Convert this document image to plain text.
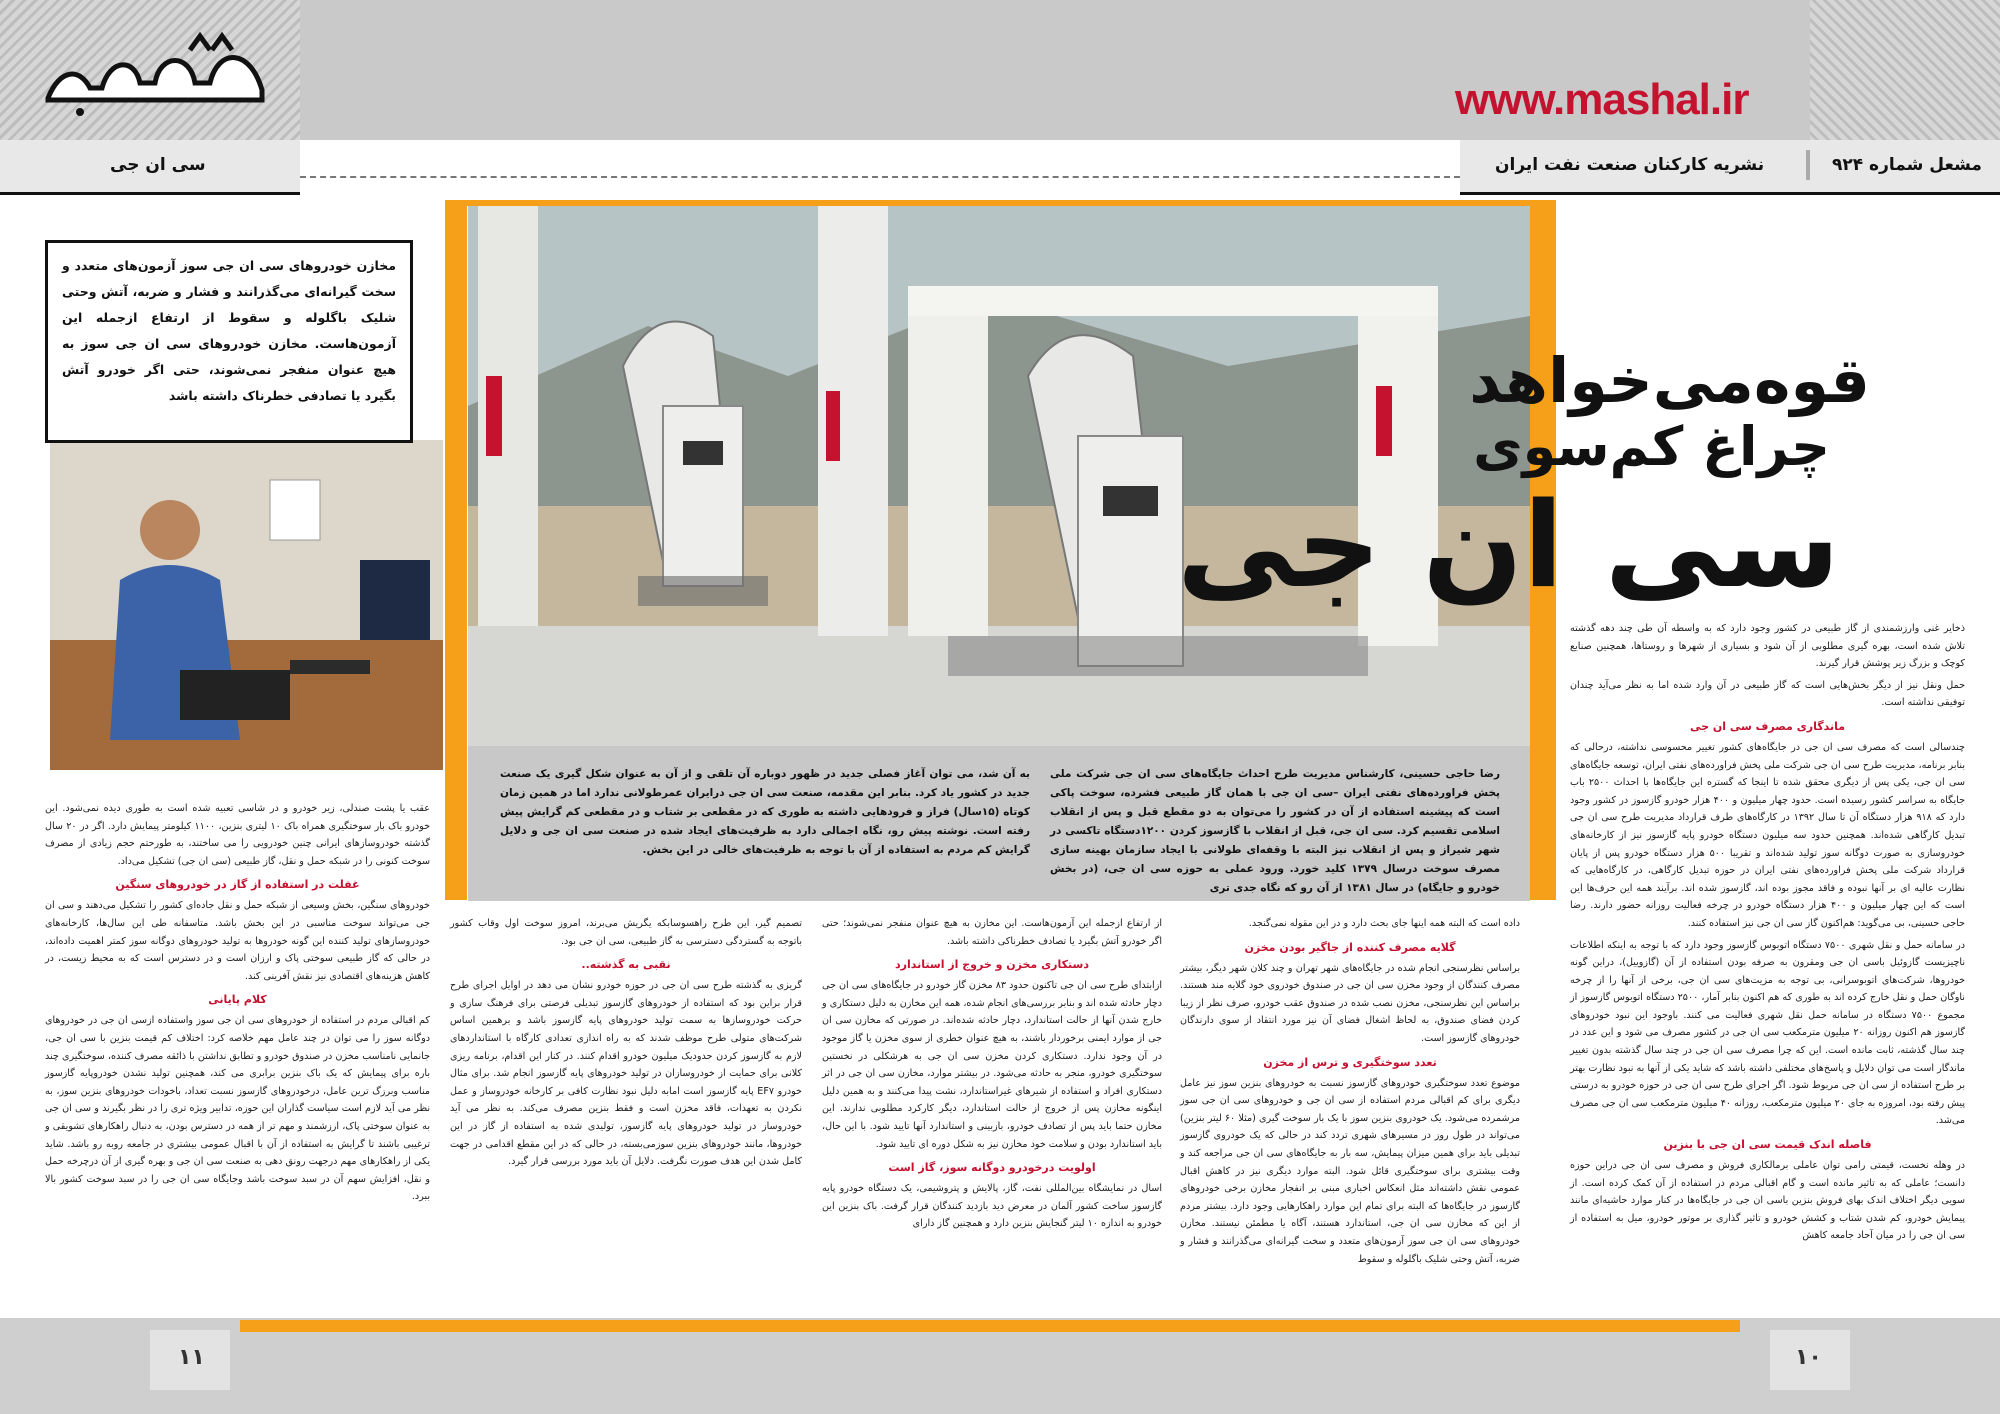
www.mashal.ir
سی ان جی	نشریه کارکنان صنعت نفت ایران	مشعل شماره ۹۲۴
قوه‌می‌خواهد
چراغ کم‌سوی
سی ان جی
مخازن خودروهای سی ان جی سوز آزمون‌های متعدد و سخت گیرانه‌ای می‌گذرانند و فشار و ضربه، آتش وحتی شلیک باگلوله و سقوط از ارتفاع ازجمله این آزمون‌هاست. مخازن خودروهای سی ان جی سوز به هیچ عنوان منفجر نمی‌شوند، حتی اگر خودرو آتش بگیرد یا تصادفی خطرناک داشته باشد
رضا حاجی حسینی، کارشناس مدیریت طرح احداث جایگاه‌های سی ان جی شرکت ملی پخش فراورده‌های نفتی ایران –سی ان جی با همان گاز طبیعی فشرده، سوخت پاکی است که پیشینه استفاده از آن در کشور را می‌توان به دو مقطع قبل و پس از انقلاب اسلامی تقسیم کرد. سی ان جی، قبل از انقلاب با گازسوز کردن ۱۲۰۰دستگاه تاکسی در شهر شیراز و پس از انقلاب نیز البته با وقفه‌ای طولانی با ایجاد سازمان بهینه سازی مصرف سوخت درسال ۱۳۷۹ کلید خورد. ورود عملی به حوزه سی ان جی، (در بخش خودرو و جایگاه) در سال ۱۳۸۱ از آن رو که نگاه جدی تری
به آن شد، می توان آغاز فصلی جدید در ظهور دوباره آن تلقی و از آن به عنوان شکل گیری یک صنعت جدید در کشور یاد کرد. بنابر این مقدمه، صنعت سی ان جی درایران عمرطولانی ندارد اما در همین زمان کوتاه (۱۵سال) فراز و فرودهایی داشته به طوری که در مقطعی بر شتاب و در مقطعی کم گرایش پیش رفته است. نوشته پیش رو، نگاه اجمالی دارد به ظرفیت‌های ایجاد شده در صنعت سی ان جی و دلایل گرایش کم مردم به استفاده از آن با توجه به ظرفیت‌های خالی در این بخش.

ذخایر غنی وارزشمندی از گاز طبیعی در کشور وجود دارد که به واسطه آن طی چند دهه گذشته تلاش شده است، بهره گیری مطلوبی از آن شود و بسیاری از شهرها و روستاها، همچنین صنایع کوچک و بزرگ زیر پوشش قرار گیرند.

حمل ونقل نیز از دیگر بخش‌هایی است که گاز طبیعی در آن وارد شده اما به نظر می‌آید چندان توفیقی نداشته است.

ماندگاری مصرف سی ان جی

چندسالی است که مصرف سی ان جی در جایگاه‌های کشور تغییر محسوسی نداشته، درحالی که بنابر برنامه، مدیریت طرح سی ان جی شرکت ملی پخش فراورده‌های نفتی ایران، توسعه جایگاه‌های سی ان جی، یکی پس از دیگری محقق شده تا اینجا که گستره این جایگاه‌ها با احداث ۲۵۰۰ باب جایگاه به سراسر کشور رسیده است. حدود چهار میلیون و ۴۰۰ هزار خودرو گازسوز در کشور وجود دارد که ۹۱۸ هزار دستگاه آن تا سال ۱۳۹۲ در کارگاه‌های طرف قرارداد مدیریت طرح سی ان جی تبدیل کارگاهی شده‌اند. همچنین حدود سه میلیون دستگاه خودرو پایه گازسوز نیز از کارخانه‌های خودروسازی به صورت دوگانه سوز تولید شده‌اند و تقریبا ۵۰۰ هزار دستگاه خودرو پس از پایان قرارداد شرکت ملی پخش فراورده‌های نفتی ایران در حوزه تبدیل کارگاهی، در کارگاه‌هایی که نظارت عالیه ای بر آنها نبوده و فاقد مجوز بوده اند، گازسوز شده اند. برآیند همه این حرف‌ها این است که این چهار میلیون و ۴۰۰ هزار دستگاه خودرو در چرخه فعالیت روزانه حضور دارند. رضا حاجی حسینی، بی می‌گوید: هم‌اکنون گاز سی ان جی نیز استفاده کنند.

در سامانه حمل و نقل شهری ۷۵۰۰ دستگاه اتوبوس گازسوز وجود دارد که با توجه به اینکه اطلاعات ناچیزیست گازوئیل باسی ان جی ومقرون به صرفه بودن استفاده از آن (گازوییل)، دراین گونه خودروها، شرکت‌های اتوبوسرانی، بی توجه به مزیت‌های سی ان جی، برخی از آنها را از چرخه ناوگان حمل و نقل خارج کرده اند به طوری که هم اکنون بنابر آمار، ۲۵۰۰ دستگاه اتوبوس گازسوز از مجموع ۷۵۰۰ دستگاه در سامانه حمل نقل شهری فعالیت می کنند. باوجود این نبود خودروهای گازسوز هم اکنون روزانه ۲۰ میلیون مترمکعب سی ان جی در کشور مصرف می شود و این عدد در چند سال گذشته، ثابت مانده است. این که چرا مصرف سی ان جی در چند سال گذشته بدون تغییر ماندگار است می توان دلایل و پاسخ‌های مختلفی داشته باشد که شاید یکی از آنها به نبود نظارت بهتر بر طرح استفاده از سی ان جی مربوط شود. اگر اجرای طرح سی ان جی در حوزه خودرو به درستی پیش رفته بود، امروزه به جای ۲۰ میلیون مترمکعب، روزانه ۴۰ میلیون مترمکعب سی ان جی مصرف می‌شد.

فاصله اندک قیمت سی ان جی با بنزین

در وهله نخست، قیمتی رامی توان عاملی برمالکاری فروش و مصرف سی ان جی دراین حوزه دانست؛ عاملی که به تاثیر مانده است و گام اقبالی مردم در استفاده از آن کمک کرده است. از سویی دیگر اختلاف اندک بهای فروش بنزین باسی ان جی در جایگاه‌ها در کنار موارد حاشیه‌ای مانند پیمایش خودرو، کم شدن شتاب و کشش خودرو و تاثیر گذاری بر موتور خودرو، میل به استفاده از سی ان جی را در میان آحاد جامعه کاهش

داده است که البته همه اینها جای بحث دارد و در این مقوله نمی‌گنجد.

گلایه مصرف کننده از جاگیر بودن مخزن

براساس نظرسنجی انجام شده در جایگاه‌های شهر تهران و چند کلان شهر دیگر، بیشتر مصرف کنندگان از وجود مخزن سی ان جی در صندوق خودروی خود گلایه مند هستند. براساس این نظرسنجی، مخزن نصب شده در صندوق عقب خودرو، صرف نظر از زیبا کردن فضای صندوق، به لحاظ اشغال فضای آن نیز مورد انتقاد از سوی دارندگان خودروهای گازسوز است.

تعدد سوختگیری و ترس از مخزن

موضوع تعدد سوختگیری خودروهای گازسوز نسبت به خودروهای بنزین سوز نیز عامل دیگری برای کم اقبالی مردم استفاده از سی ان جی و خودروهای سی ان جی سوز مرشمرده می‌شود. یک خودروی بنزین سوز با یک بار سوخت گیری (مثلا ۶۰ لیتر بنزین) می‌تواند در طول روز در مسیرهای شهری تردد کند در حالی که یک خودروی گازسوز تبدیلی باید برای همین میزان پیمایش، سه بار به جایگاه‌های سی ان جی مراجعه کند و وقت بیشتری برای سوختگیری قائل شود. البته موارد دیگری نیز در کاهش اقبال عمومی نقش داشته‌اند مثل انعکاس اخباری مبنی بر انفجار مخازن برخی خودروهای گازسوز در جایگاه‌ها که البته برای تمام این موارد راهکارهایی وجود دارد. بیشتر مردم از این که مخازن سی ان جی، استاندارد هستند، آگاه یا مطمئن نیستند. مخازن خودروهای سی ان جی سوز آزمون‌های متعدد و سخت گیرانه‌ای می‌گذرانند و فشار و ضربه، آتش وحتی شلیک باگلوله و سقوط

از ارتفاع ازجمله این آزمون‌هاست. این مخازن به هیچ عنوان منفجر نمی‌شوند؛ حتی اگر خودرو آتش بگیرد یا تصادف خطرناکی داشته باشد.

دستکاری مخزن و خروج از استاندارد

ازابتدای طرح سی ان جی تاکنون حدود ۸۳ مخزن گاز خودرو در جایگاه‌های سی ان جی دچار حادثه شده اند و بنابر بررسی‌های انجام شده، همه این مخازن به دلیل دستکاری و خارج شدن آنها از حالت استاندارد، دچار حادثه شده‌اند. در صورتی که مخازن سی ان جی از موارد ایمنی برخوردار باشند، به هیچ عنوان خطری از سوی مخزن یا گاز موجود در آن وجود ندارد. دستکاری کردن مخزن سی ان جی به هرشکلی در نخستین سوختگیری خودرو، منجر به حادثه می‌شود. در بیشتر موارد، مخازن سی ان جی در اثر دستکاری افراد و استفاده از شیرهای غیراستاندارد، نشت پیدا می‌کنند و به همین دلیل اینگونه مخازن پس از خروج از حالت استاندارد، دیگر کارکرد مطلوبی ندارند. این مخازن حتما باید پس از تصادف خودرو، بازبینی و استاندارد آنها تایید شود. با این حال، باید استاندارد بودن و سلامت خود مخازن نیز به شکل دوره ای تایید شود.

اولویت درخودرو دوگانه سوز، گاز است

اسال در نمایشگاه بین‌المللی نفت، گاز، پالایش و پتروشیمی، یک دستگاه خودرو پایه گازسوز ساخت کشور آلمان در معرض دید بازدید کنندگان قرار گرفت. باک بنزین این خودرو به اندازه ۱۰ لیتر گنجایش بنزین دارد و همچنین گاز دارای

تصمیم گیر، این طرح راهسوسابکه یگریش می‌برند، امروز سوخت اول وقاب کشور باتوجه به گستردگی دسترسی به گاز طبیعی، سی ان جی بود.

نقبی به گذشته..

گریزی به گذشته طرح سی ان جی در حوزه خودرو نشان می دهد در اوایل اجرای طرح قرار براین بود که استفاده از خودروهای گازسوز تبدیلی فرصتی برای فرهنگ سازی و حرکت خودروسازها به سمت تولید خودروهای پایه گازسوز باشد و برهمین اساس شرکت‌های متولی طرح موظف شدند که به راه اندازی تعدادی کارگاه با استانداردهای لازم به گازسوز کردن حدودیک میلیون خودرو اقدام کنند. در کنار این اقدام، برنامه ریزی کلانی برای حمایت از خودروسازان در تولید خودروهای پایه گازسوز انجام شد. برای مثال خودرو EF۷ پایه گازسوز است امابه دلیل نبود نظارت کافی بر کارخانه خودروساز و عمل نکردن به تعهدات، فاقد مخزن است و فقط بنزین مصرف می‌کند. به نظر می آید خودروساز در تولید خودروهای پایه گازسوز، تولیدی شده به استفاده از گاز در این خودروها، مانند خودروهای بنزین سوزمی‌بسته، در حالی که در این مقطع اقدامی در جهت کامل شدن این هدف صورت نگرفت. دلایل آن باید مورد بررسی قرار گیرد.

عقب یا پشت صندلی، زیر خودرو و در شاسی تعبیه شده است به طوری دیده نمی‌شود. این خودرو باک بار سوختگیری همراه باک ۱۰ لیتری بنزین، ۱۱۰۰ کیلومتر پیمایش دارد. اگر در ۲۰ سال گذشته خودروسازهای ایرانی چنین خودرویی را می ساختند، به طورحتم حجم زیادی از مصرف سوخت کنونی را در شبکه حمل و نقل، گاز طبیعی (سی ان جی) تشکیل می‌داد.

غفلت در استفاده از گاز در خودروهای سنگین

خودروهای سنگین، بخش وسیعی از شبکه حمل و نقل جاده‌ای کشور را تشکیل می‌دهند و سی ان جی می‌تواند سوخت مناسبی در این بخش باشد. متاسفانه طی این سال‌ها، کارخانه‌های خودروسازهای تولید کننده این گونه خودروها به تولید خودروهای دوگانه سوز کمتر اهمیت داده‌اند، در حالی که گاز طبیعی سوختی پاک و ارزان است و در دسترس است که به محیط زیست، در کاهش هزینه‌های اقتصادی نیز نقش آفرینی کند.

کلام پایانی

کم اقبالی مردم در استفاده از خودروهای سی ان جی سوز واستفاده ازسی ان جی در خودروهای دوگانه سوز را می توان در چند عامل مهم خلاصه کرد: اختلاف کم قیمت بنزین با سی ان جی، جانمایی نامناسب مخزن در صندوق خودرو و تطابق نداشتن با ذائقه مصرف کننده، سوختگیری چند باره برای پیمایش که یک باک بنزین برابری می کند، همچنین تولید نشدن خودروپایه گازسوز مناسب وبرزگ ترین عامل، درخودروهای گازسوز نسبت تعداد، باخودات خودروهای بنزین سوز، به نظر می آید لازم است سیاست گذاران این حوزه، تدابیر ویژه تری را در نظر بگیرند و سی ان جی به عنوان سوختی پاک، ارزشمند و مهم تر از همه در دسترس بودن، به دنبال راهکارهای تشویقی و ترغیبی باشند تا گرایش به استفاده از آن با اقبال عمومی بیشتری در جامعه روبه رو باشد. شاید یکی از راهکارهای مهم درجهت رونق دهی به صنعت سی ان جی و بهره گیری از آن درچرخه حمل و نقل، افزایش سهم آن در سبد سوخت باشد وجایگاه سی ان جی را در سبد سوخت کشور بالا ببرد.

۱۰
۱۱
